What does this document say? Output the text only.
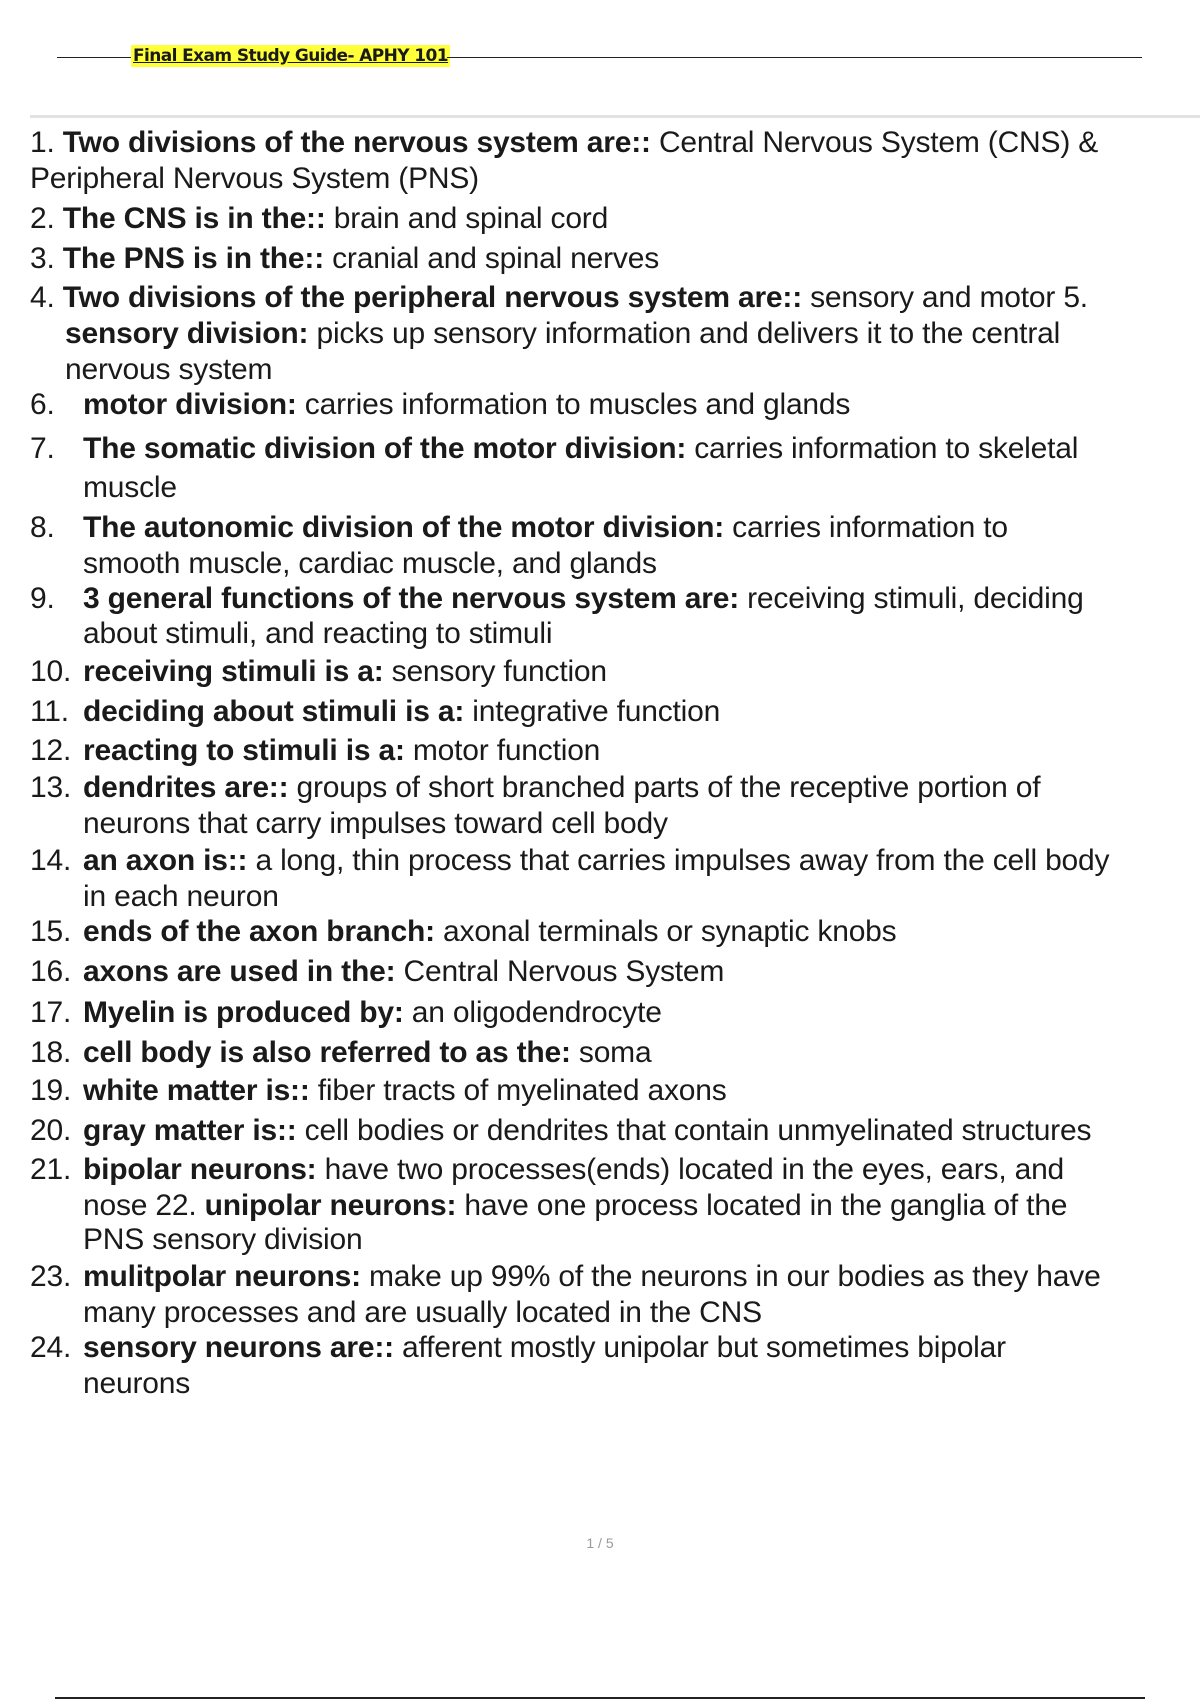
Final Exam Study Guide- APHY 101
1. Two divisions of the nervous system are:: Central Nervous System (CNS) &
Peripheral Nervous System (PNS)
2. The CNS is in the:: brain and spinal cord
3. The PNS is in the:: cranial and spinal nerves
4. Two divisions of the peripheral nervous system are:: sensory and motor 5.
sensory division: picks up sensory information and delivers it to the central
nervous system
6. motor division: carries information to muscles and glands
7. The somatic division of the motor division: carries information to skeletal
muscle
8. The autonomic division of the motor division: carries information to
smooth muscle, cardiac muscle, and glands
9. 3 general functions of the nervous system are: receiving stimuli, deciding
about stimuli, and reacting to stimuli
10. receiving stimuli is a: sensory function
11. deciding about stimuli is a: integrative function
12. reacting to stimuli is a: motor function
13. dendrites are:: groups of short branched parts of the receptive portion of
neurons that carry impulses toward cell body
14. an axon is:: a long, thin process that carries impulses away from the cell body
in each neuron
15. ends of the axon branch: axonal terminals or synaptic knobs
16. axons are used in the: Central Nervous System
17. Myelin is produced by: an oligodendrocyte
18. cell body is also referred to as the: soma
19. white matter is:: fiber tracts of myelinated axons
20. gray matter is:: cell bodies or dendrites that contain unmyelinated structures
21. bipolar neurons: have two processes(ends) located in the eyes, ears, and
nose 22. unipolar neurons: have one process located in the ganglia of the
PNS sensory division
23. mulitpolar neurons: make up 99% of the neurons in our bodies as they have
many processes and are usually located in the CNS
24. sensory neurons are:: afferent mostly unipolar but sometimes bipolar
neurons
1 / 5
